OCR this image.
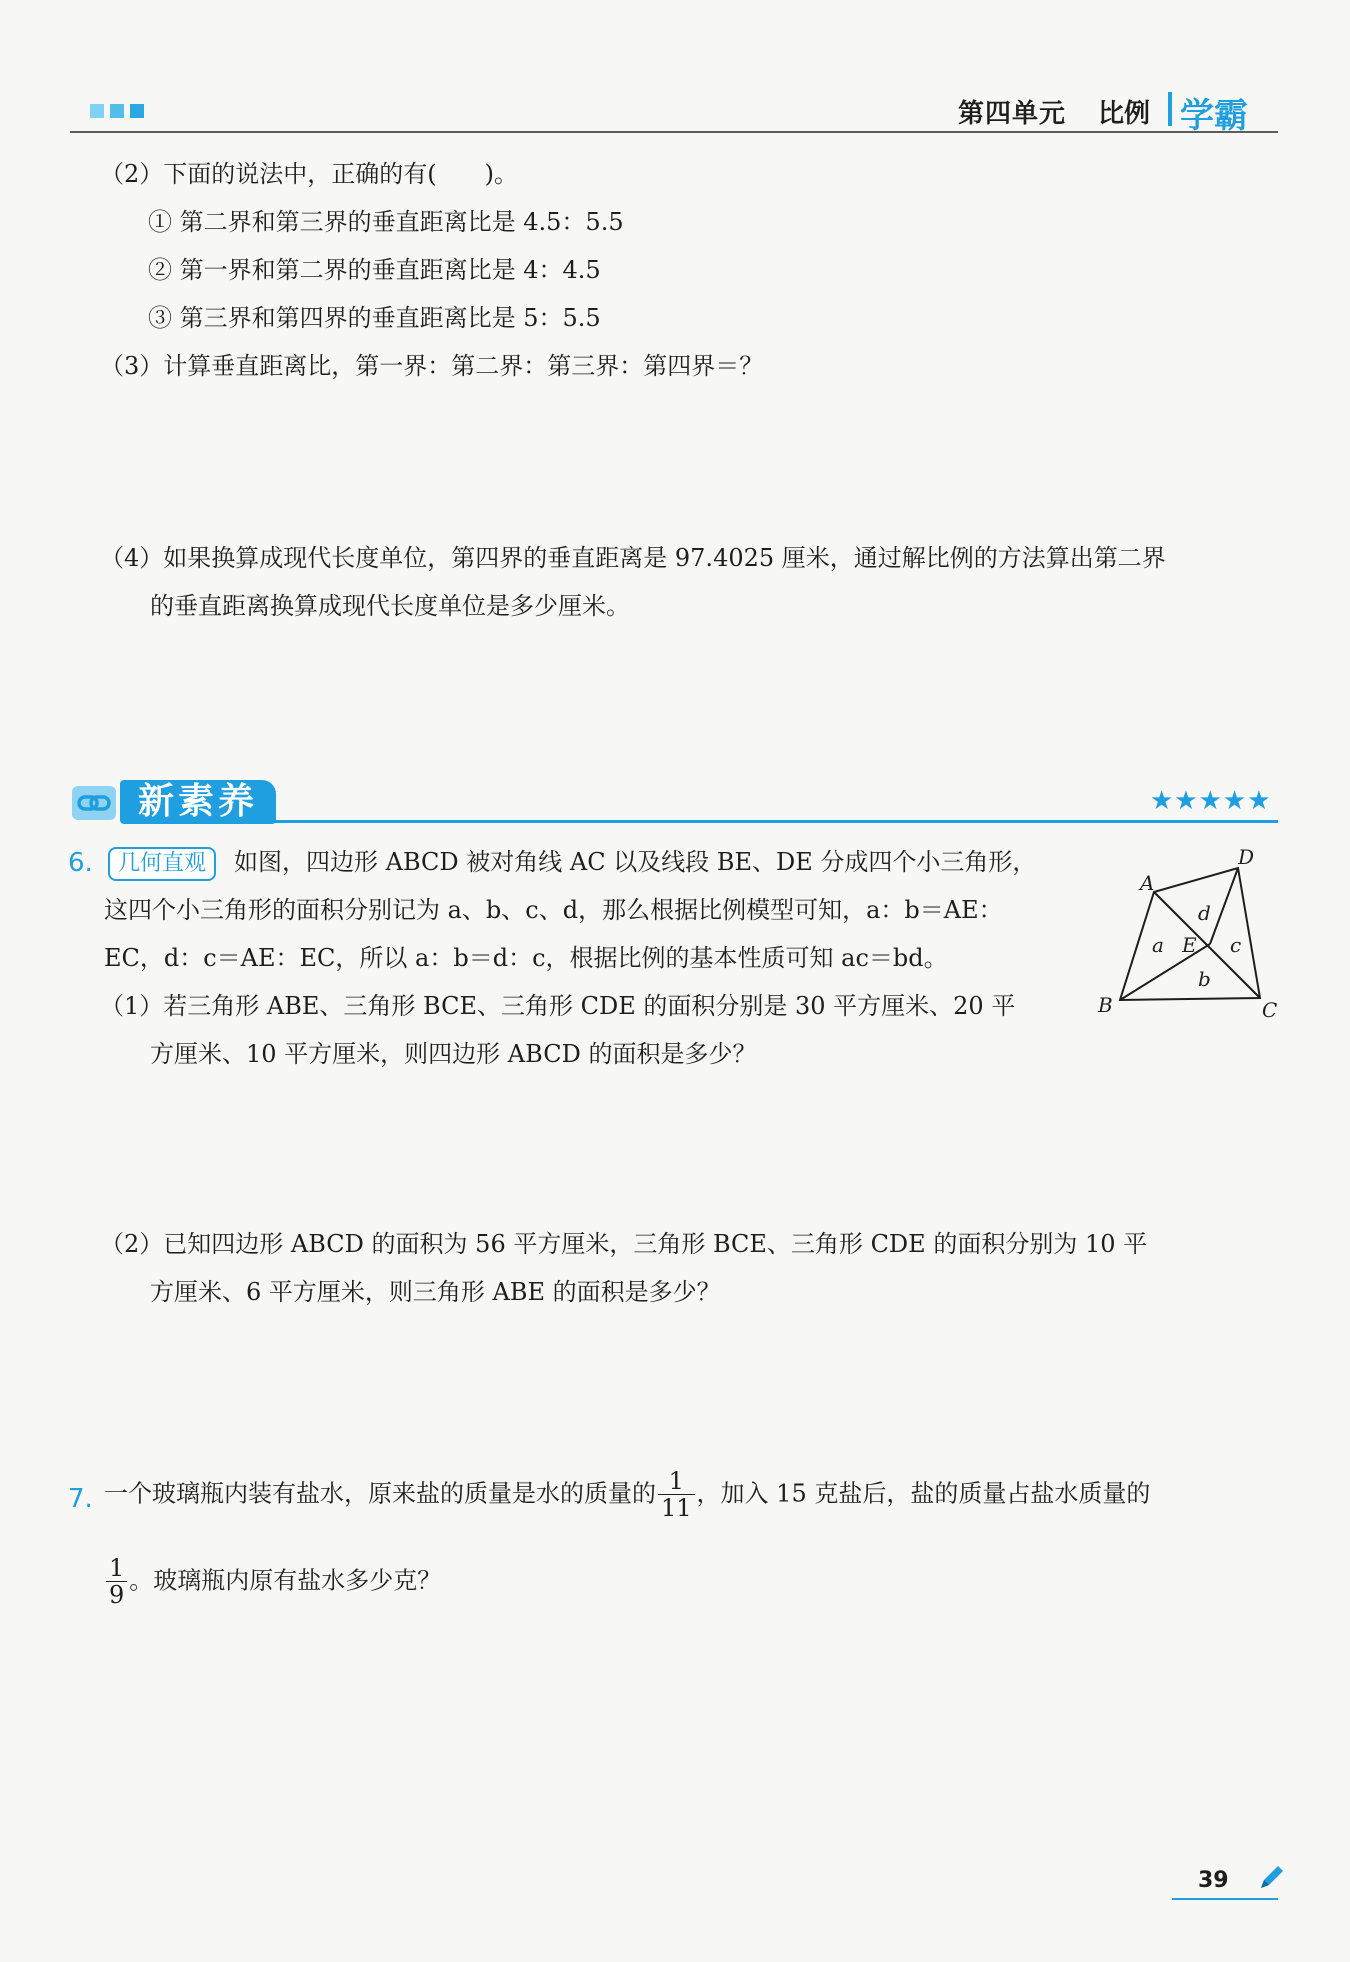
第四单元 比例 学霸
（2）下面的说法中，正确的有(　　)。
① 第二界和第三界的垂直距离比是 4.5：5.5
② 第一界和第二界的垂直距离比是 4：4.5
③ 第三界和第四界的垂直距离比是 5：5.5
（3）计算垂直距离比，第一界：第二界：第三界：第四界＝？
（4）如果换算成现代长度单位，第四界的垂直距离是 97.4025 厘米，通过解比例的方法算出第二界
的垂直距离换算成现代长度单位是多少厘米。
新素养	★★★★★
6.	几何直观	如图，四边形 ABCD 被对角线 AC 以及线段 BE、DE 分成四个小三角形，
这四个小三角形的面积分别记为 a、b、c、d，那么根据比例模型可知，a：b＝AE：
EC，d：c＝AE：EC，所以 a：b＝d：c，根据比例的基本性质可知 ac＝bd。
（1）若三角形 ABE、三角形 BCE、三角形 CDE 的面积分别是 30 平方厘米、20 平
方厘米、10 平方厘米，则四边形 ABCD 的面积是多少？
（2）已知四边形 ABCD 的面积为 56 平方厘米，三角形 BCE、三角形 CDE 的面积分别为 10 平
方厘米、6 平方厘米，则三角形 ABE 的面积是多少？
A
B	C
D
E
a
b
c
d
7. 一个玻璃瓶内装有盐水，原来盐的质量是水的质量的 $\frac{1}{11}$ ，加入 15 克盐后，盐的质量占盐水质量的
$\frac{1}{9}$ 。玻璃瓶内原有盐水多少克？
39
